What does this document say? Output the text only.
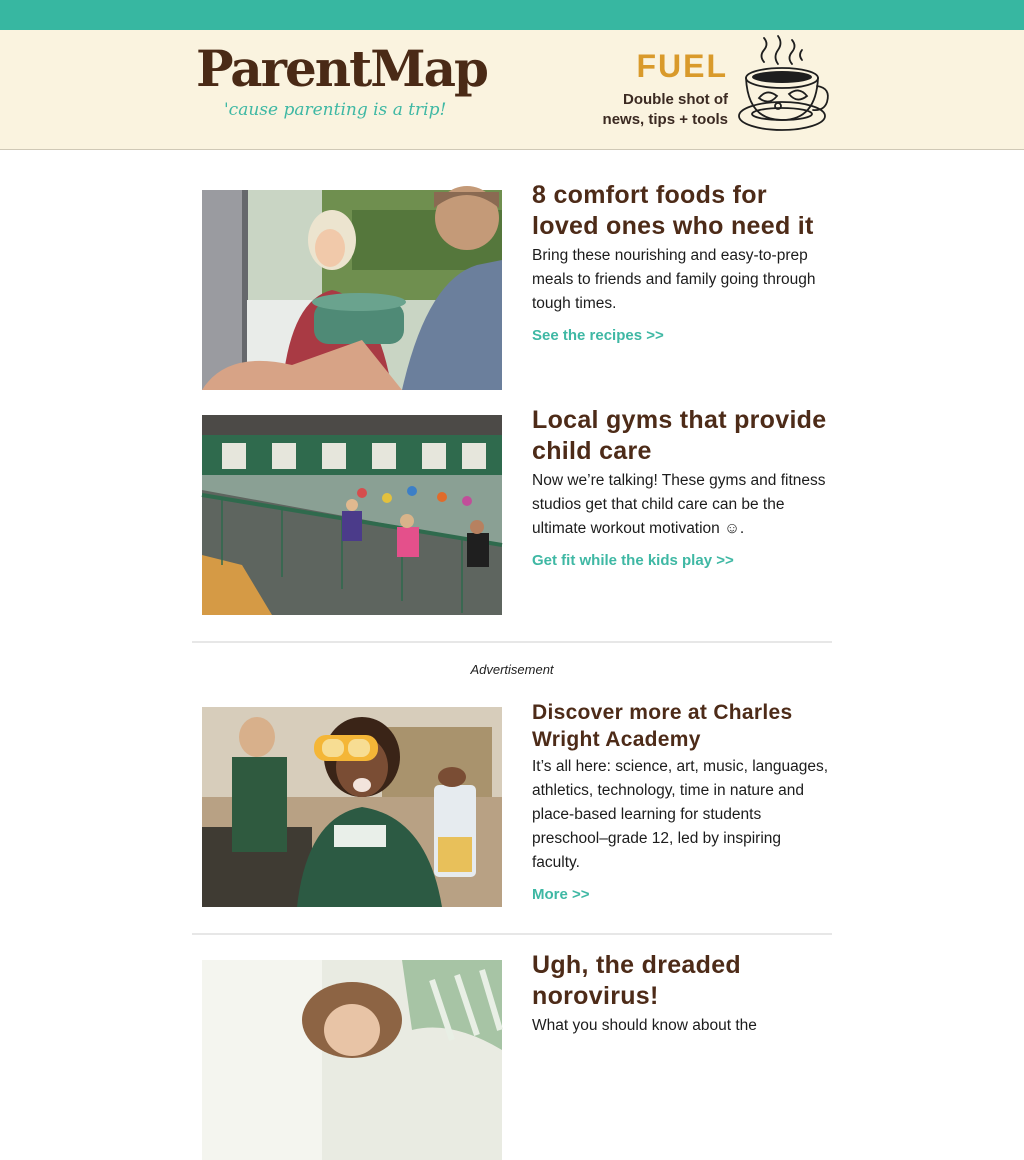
ParentMap
'cause parenting is a trip!
FUEL
Double shot of
news, tips + tools
8 comfort foods for loved ones who need it

Bring these nourishing and easy-to-prep meals to friends and family going through tough times.

See the recipes >>
Local gyms that provide child care

Now we’re talking! These gyms and fitness studios get that child care can be the ultimate workout motivation ☺.

Get fit while the kids play >>
Advertisement
Discover more at Charles Wright Academy

It’s all here: science, art, music, languages, athletics, technology, time in nature and place-based learning for students preschool–grade 12, led by inspiring faculty.

More >>
Ugh, the dreaded norovirus!

What you should know about the
